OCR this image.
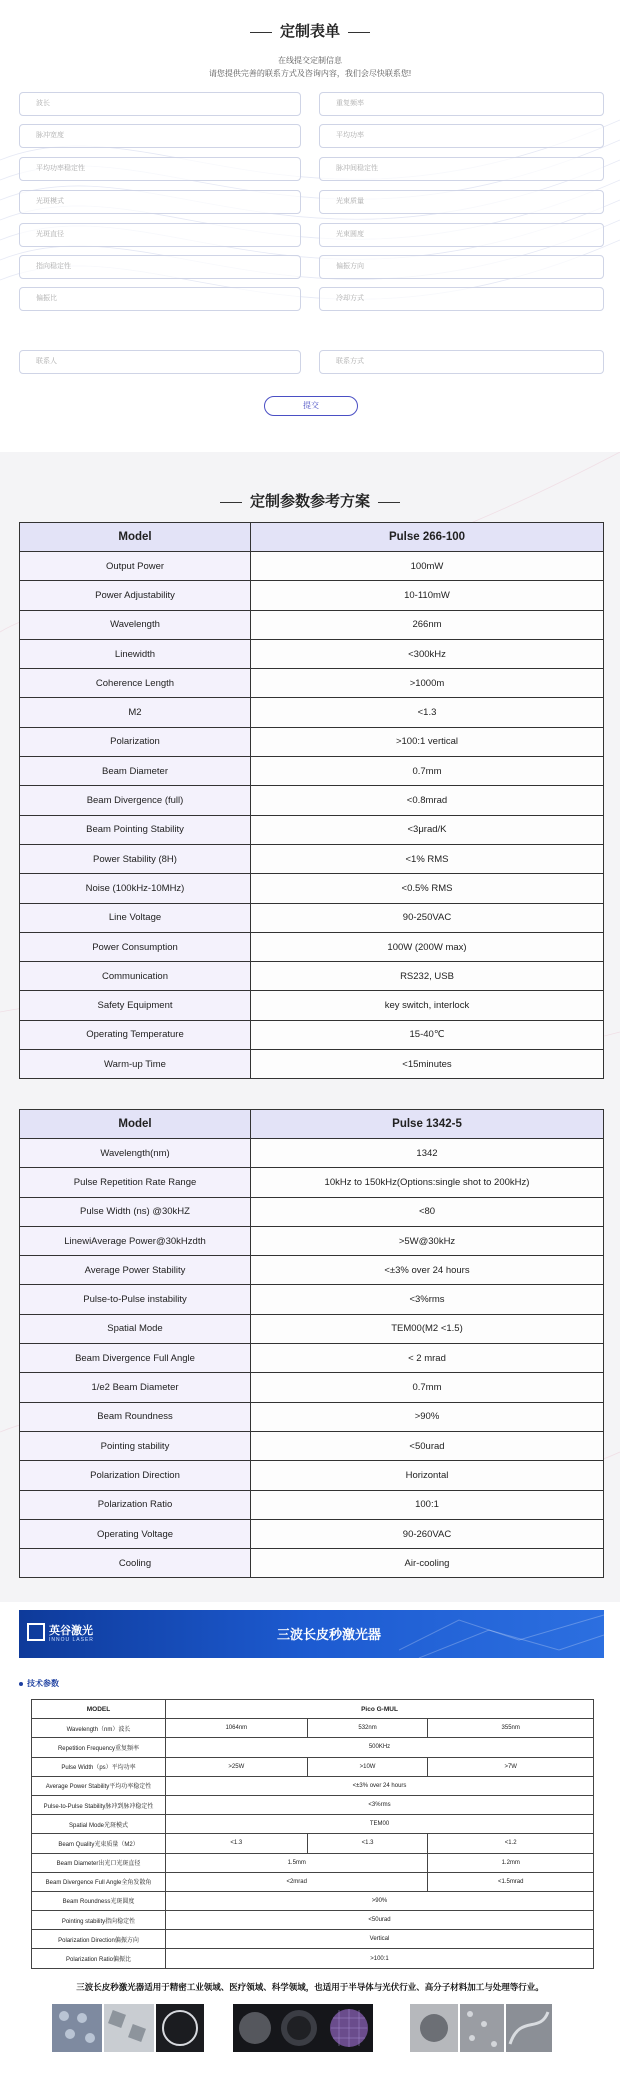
定制表单
在线提交定制信息
请您提供完善的联系方式及咨询内容，我们会尽快联系您!
波长	重复频率
脉冲宽度	平均功率
平均功率稳定性	脉冲间稳定性
光斑模式	光束质量
光斑直径	光束圆度
指向稳定性	偏振方向
偏振比	冷却方式
联系人	联系方式
提交
定制参数参考方案
Model	Pulse 266-100
Output Power	100mW
Power Adjustability	10-110mW
Wavelength	266nm
Linewidth	<300kHz
Coherence Length	>1000m
M2	<1.3
Polarization	>100:1 vertical
Beam Diameter	0.7mm
Beam Divergence (full)	<0.8mrad
Beam Pointing Stability	<3μrad/K
Power Stability (8H)	<1% RMS
Noise (100kHz-10MHz)	<0.5% RMS
Line Voltage	90-250VAC
Power Consumption	100W (200W max)
Communication	RS232, USB
Safety Equipment	key switch, interlock
Operating Temperature	15-40℃
Warm-up Time	<15minutes
Model	Pulse 1342-5
Wavelength(nm)	1342
Pulse Repetition Rate Range	10kHz to 150kHz(Options:single shot to 200kHz)
Pulse Width (ns) @30kHZ	<80
LinewiAverage Power@30kHzdth	>5W@30kHz
Average Power Stability	<±3% over 24 hours
Pulse-to-Pulse instability	<3%rms
Spatial Mode	TEM00(M2 <1.5)
Beam Divergence Full Angle	< 2 mrad
1/e2 Beam Diameter	0.7mm
Beam Roundness	>90%
Pointing stability	<50urad
Polarization Direction	Horizontal
Polarization Ratio	100:1
Operating Voltage	90-260VAC
Cooling	Air-cooling
英谷激光
INNOU LASER	三波长皮秒激光器
技术参数
MODEL	Pico G-MUL		
Wavelength（nm）波长	1064nm	532nm	355nm
Repetition Frequency重复频率	500KHz		
Pulse Width（ps）平均功率	>25W	>10W	>7W
Average Power Stability平均功率稳定性	<±3% over 24 hours		
Pulse-to-Pulse Stability脉冲到脉冲稳定性	<3%rms		
Spatial Mode光斑模式	TEM00		
Beam Quality光束质量（M2）	<1.3	<1.3	<1.2
Beam Diameter出光口光斑直径	1.5mm		1.2mm
Beam Divergence Full Angle全角发散角	<2mrad		<1.5mrad
Beam Roundness光斑圆度	>90%		
Pointing stability指向稳定性	<50urad		
Polarization Direction偏振方向	Vertical		
Polarization Ratio偏振比	>100:1		
三波长皮秒激光器适用于精密工业领域、医疗领域、科学领域，也适用于半导体与光伏行业、高分子材料加工与处理等行业。
